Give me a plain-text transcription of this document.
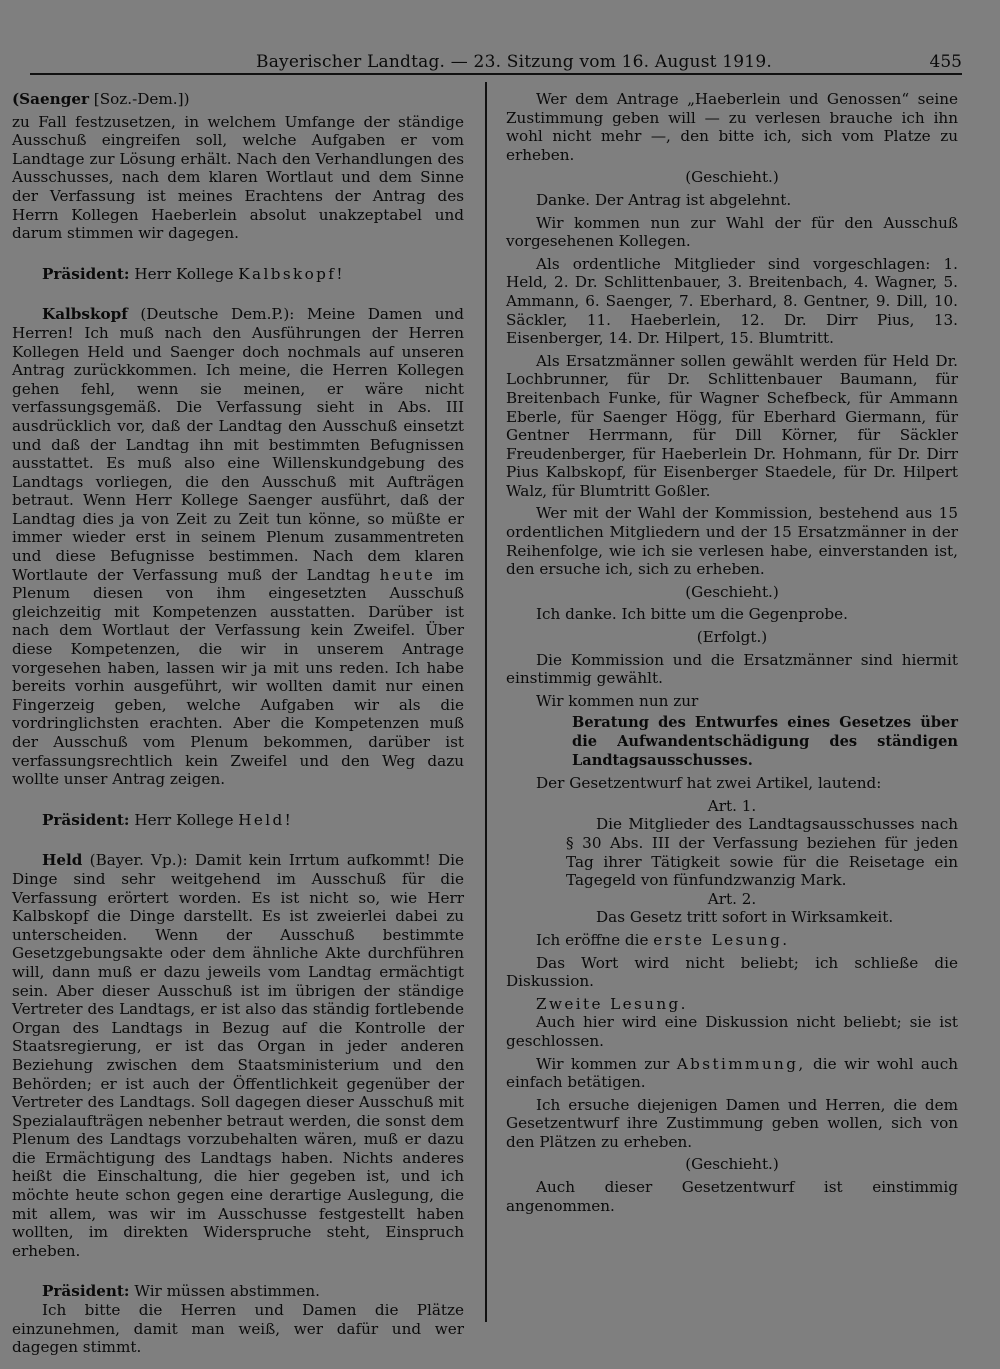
Bayerischer Landtag. — 23. Sitzung vom 16. August 1919.	455

(Saenger [Soz.-Dem.])

zu Fall festzusetzen, in welchem Umfange der ständige Ausschuß eingreifen soll, welche Aufgaben er vom Landtage zur Lösung erhält. Nach den Verhandlungen des Ausschusses, nach dem klaren Wortlaut und dem Sinne der Verfassung ist meines Erachtens der Antrag des Herrn Kollegen Haeberlein absolut unakzeptabel und darum stimmen wir dagegen.

Präsident: Herr Kollege Kalbskopf!

Kalbskopf (Deutsche Dem.P.): Meine Damen und Herren! Ich muß nach den Ausführungen der Herren Kollegen Held und Saenger doch nochmals auf unseren Antrag zurückkommen. Ich meine, die Herren Kollegen gehen fehl, wenn sie meinen, er wäre nicht verfassungsgemäß. Die Verfassung sieht in Abs. III ausdrücklich vor, daß der Landtag den Ausschuß einsetzt und daß der Landtag ihn mit bestimmten Befugnissen ausstattet. Es muß also eine Willenskundgebung des Landtags vorliegen, die den Ausschuß mit Aufträgen betraut. Wenn Herr Kollege Saenger ausführt, daß der Landtag dies ja von Zeit zu Zeit tun könne, so müßte er immer wieder erst in seinem Plenum zusammentreten und diese Befugnisse bestimmen. Nach dem klaren Wortlaute der Verfassung muß der Landtag heute im Plenum diesen von ihm eingesetzten Ausschuß gleichzeitig mit Kompetenzen ausstatten. Darüber ist nach dem Wortlaut der Verfassung kein Zweifel. Über diese Kompetenzen, die wir in unserem Antrage vorgesehen haben, lassen wir ja mit uns reden. Ich habe bereits vorhin ausgeführt, wir wollten damit nur einen Fingerzeig geben, welche Aufgaben wir als die vordringlichsten erachten. Aber die Kompetenzen muß der Ausschuß vom Plenum bekommen, darüber ist verfassungsrechtlich kein Zweifel und den Weg dazu wollte unser Antrag zeigen.

Präsident: Herr Kollege Held!

Held (Bayer. Vp.): Damit kein Irrtum aufkommt! Die Dinge sind sehr weitgehend im Ausschuß für die Verfassung erörtert worden. Es ist nicht so, wie Herr Kalbskopf die Dinge darstellt. Es ist zweierlei dabei zu unterscheiden. Wenn der Ausschuß bestimmte Gesetzgebungsakte oder dem ähnliche Akte durchführen will, dann muß er dazu jeweils vom Landtag ermächtigt sein. Aber dieser Ausschuß ist im übrigen der ständige Vertreter des Landtags, er ist also das ständig fortlebende Organ des Landtags in Bezug auf die Kontrolle der Staatsregierung, er ist das Organ in jeder anderen Beziehung zwischen dem Staatsministerium und den Behörden; er ist auch der Öffentlichkeit gegenüber der Vertreter des Landtags. Soll dagegen dieser Ausschuß mit Spezialaufträgen nebenher betraut werden, die sonst dem Plenum des Landtags vorzubehalten wären, muß er dazu die Ermächtigung des Landtags haben. Nichts anderes heißt die Einschaltung, die hier gegeben ist, und ich möchte heute schon gegen eine derartige Auslegung, die mit allem, was wir im Ausschusse festgestellt haben wollten, im direkten Widerspruche steht, Einspruch erheben.

Präsident: Wir müssen abstimmen.

Ich bitte die Herren und Damen die Plätze einzunehmen, damit man weiß, wer dafür und wer dagegen stimmt.

Wer dem Antrage „Haeberlein und Genossen“ seine Zustimmung geben will — zu verlesen brauche ich ihn wohl nicht mehr —, den bitte ich, sich vom Platze zu erheben.

(Geschieht.)

Danke. Der Antrag ist abgelehnt.

Wir kommen nun zur Wahl der für den Ausschuß vorgesehenen Kollegen.

Als ordentliche Mitglieder sind vorgeschlagen: 1. Held, 2. Dr. Schlittenbauer, 3. Breitenbach, 4. Wagner, 5. Ammann, 6. Saenger, 7. Eberhard, 8. Gentner, 9. Dill, 10. Säckler, 11. Haeberlein, 12. Dr. Dirr Pius, 13. Eisenberger, 14. Dr. Hilpert, 15. Blumtritt.

Als Ersatzmänner sollen gewählt werden für Held Dr. Lochbrunner, für Dr. Schlittenbauer Baumann, für Breitenbach Funke, für Wagner Schefbeck, für Ammann Eberle, für Saenger Högg, für Eberhard Giermann, für Gentner Herrmann, für Dill Körner, für Säckler Freudenberger, für Haeberlein Dr. Hohmann, für Dr. Dirr Pius Kalbskopf, für Eisenberger Staedele, für Dr. Hilpert Walz, für Blumtritt Goßler.

Wer mit der Wahl der Kommission, bestehend aus 15 ordentlichen Mitgliedern und der 15 Ersatzmänner in der Reihenfolge, wie ich sie verlesen habe, einverstanden ist, den ersuche ich, sich zu erheben.

(Geschieht.)

Ich danke. Ich bitte um die Gegenprobe.

(Erfolgt.)

Die Kommission und die Ersatzmänner sind hiermit einstimmig gewählt.

Wir kommen nun zur

Beratung des Entwurfes eines Gesetzes über die Aufwandentschädigung des ständigen Landtagsausschusses.

Der Gesetzentwurf hat zwei Artikel, lautend:

Art. 1.

Die Mitglieder des Landtagsausschusses nach § 30 Abs. III der Verfassung beziehen für jeden Tag ihrer Tätigkeit sowie für die Reisetage ein Tagegeld von fünfundzwanzig Mark.

Art. 2.

Das Gesetz tritt sofort in Wirksamkeit.

Ich eröffne die erste Lesung.

Das Wort wird nicht beliebt; ich schließe die Diskussion.

Zweite Lesung.

Auch hier wird eine Diskussion nicht beliebt; sie ist geschlossen.

Wir kommen zur Abstimmung, die wir wohl auch einfach betätigen.

Ich ersuche diejenigen Damen und Herren, die dem Gesetzentwurf ihre Zustimmung geben wollen, sich von den Plätzen zu erheben.

(Geschieht.)

Auch dieser Gesetzentwurf ist einstimmig angenommen.
